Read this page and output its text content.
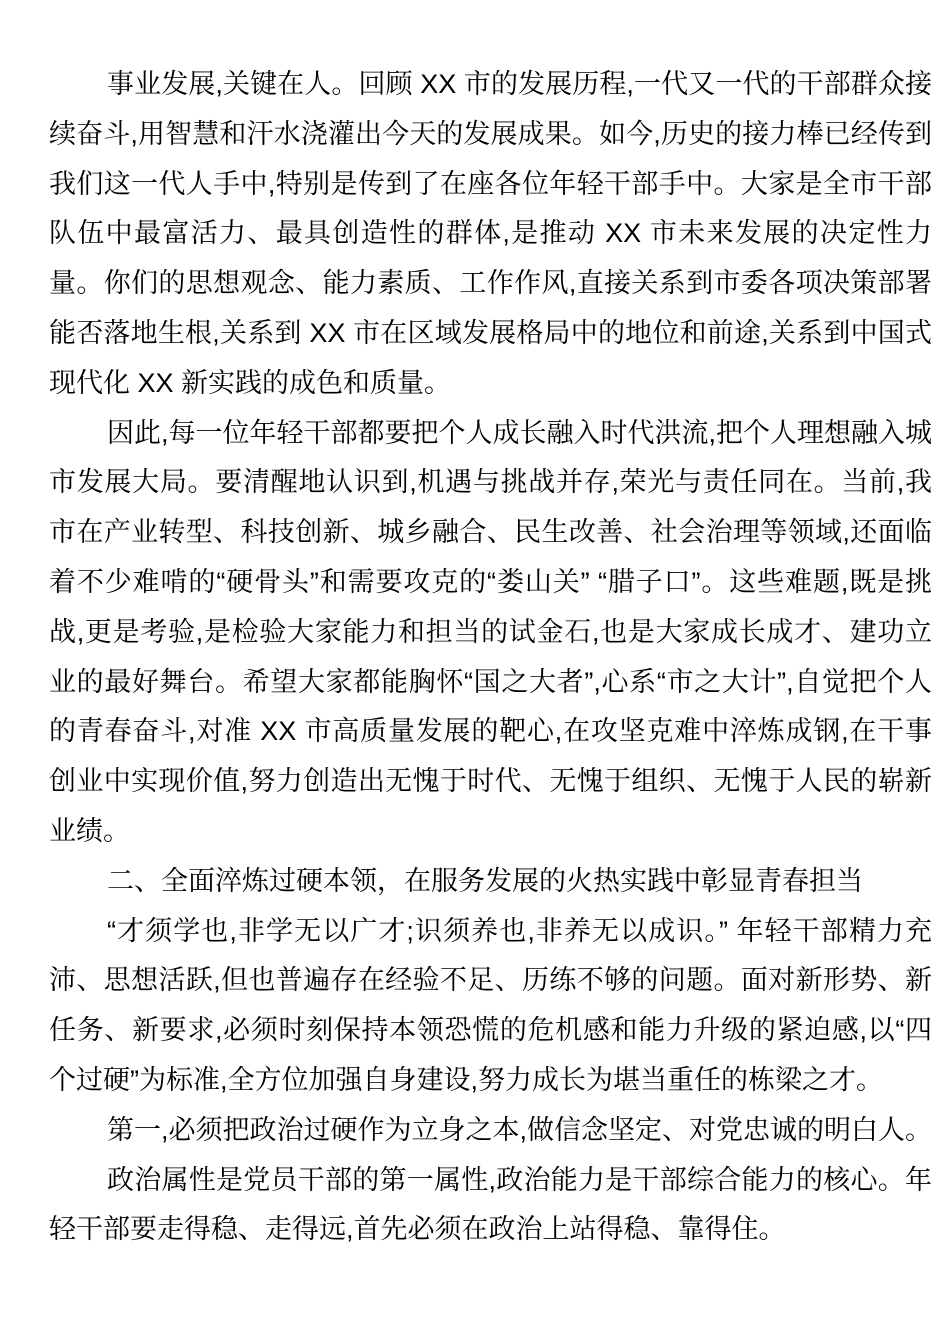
事业发展,关键在人。回顾 XX 市的发展历程,一代又一代的干部群众接续奋斗,用智慧和汗水浇灌出今天的发展成果。如今,历史的接力棒已经传到我们这一代人手中,特别是传到了在座各位年轻干部手中。大家是全市干部队伍中最富活力、最具创造性的群体,是推动 XX 市未来发展的决定性力量。你们的思想观念、能力素质、工作作风,直接关系到市委各项决策部署能否落地生根,关系到 XX 市在区域发展格局中的地位和前途,关系到中国式现代化 XX 新实践的成色和质量。

因此,每一位年轻干部都要把个人成长融入时代洪流,把个人理想融入城市发展大局。要清醒地认识到,机遇与挑战并存,荣光与责任同在。当前,我市在产业转型、科技创新、城乡融合、民生改善、社会治理等领域,还面临着不少难啃的“硬骨头”和需要攻克的“娄山关” “腊子口”。这些难题,既是挑战,更是考验,是检验大家能力和担当的试金石,也是大家成长成才、建功立业的最好舞台。希望大家都能胸怀“国之大者”,心系“市之大计”,自觉把个人的青春奋斗,对准 XX 市高质量发展的靶心,在攻坚克难中淬炼成钢,在干事创业中实现价值,努力创造出无愧于时代、无愧于组织、无愧于人民的崭新业绩。

二、全面淬炼过硬本领，在服务发展的火热实践中彰显青春担当

“才须学也,非学无以广才;识须养也,非养无以成识。” 年轻干部精力充沛、思想活跃,但也普遍存在经验不足、历练不够的问题。面对新形势、新任务、新要求,必须时刻保持本领恐慌的危机感和能力升级的紧迫感,以“四个过硬”为标准,全方位加强自身建设,努力成长为堪当重任的栋梁之才。

第一,必须把政治过硬作为立身之本,做信念坚定、对党忠诚的明白人。

政治属性是党员干部的第一属性,政治能力是干部综合能力的核心。年轻干部要走得稳、走得远,首先必须在政治上站得稳、靠得住。
